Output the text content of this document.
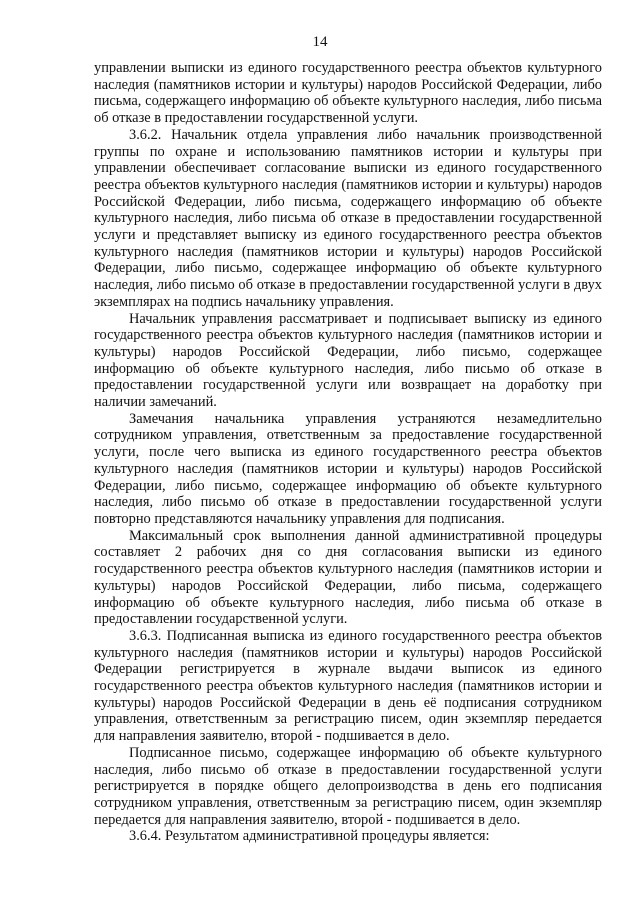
14

управлении выписки из единого государственного реестра объектов культурного наследия (памятников истории и культуры) народов Российской Федерации, либо письма, содержащего информацию об объекте культурного наследия, либо письма об отказе в предоставлении государственной услуги.

3.6.2. Начальник отдела управления либо начальник производственной группы по охране и использованию памятников истории и культуры при управлении обеспечивает согласование выписки из единого государственного реестра объектов культурного наследия (памятников истории и культуры) народов Российской Федерации, либо письма, содержащего информацию об объекте культурного наследия, либо письма об отказе в предоставлении государственной услуги и представляет выписку из единого государственного реестра объектов культурного наследия (памятников истории и культуры) народов Российской Федерации, либо письмо, содержащее информацию об объекте культурного наследия, либо письмо об отказе в предоставлении государственной услуги в двух экземплярах на подпись начальнику управления.

Начальник управления рассматривает и подписывает выписку из единого государственного реестра объектов культурного наследия (памятников истории и культуры) народов Российской Федерации, либо письмо, содержащее информацию об объекте культурного наследия, либо письмо об отказе в предоставлении государственной услуги или возвращает на доработку при наличии замечаний.

Замечания начальника управления устраняются незамедлительно сотрудником управления, ответственным за предоставление государственной услуги, после чего выписка из единого государственного реестра объектов культурного наследия (памятников истории и культуры) народов Российской Федерации, либо письмо, содержащее информацию об объекте культурного наследия, либо письмо об отказе в предоставлении государственной услуги повторно представляются начальнику управления для подписания.

Максимальный срок выполнения данной административной процедуры составляет 2 рабочих дня со дня согласования выписки из единого государственного реестра объектов культурного наследия (памятников истории и культуры) народов Российской Федерации, либо письма, содержащего информацию об объекте культурного наследия, либо письма об отказе в предоставлении государственной услуги.

3.6.3. Подписанная выписка из единого государственного реестра объектов культурного наследия (памятников истории и культуры) народов Российской Федерации регистрируется в журнале выдачи выписок из единого государственного реестра объектов культурного наследия (памятников истории и культуры) народов Российской Федерации в день её подписания сотрудником управления, ответственным за регистрацию писем, один экземпляр передается для направления заявителю, второй - подшивается в дело.

Подписанное письмо, содержащее информацию об объекте культурного наследия, либо письмо об отказе в предоставлении государственной услуги регистрируется в порядке общего делопроизводства в день его подписания сотрудником управления, ответственным за регистрацию писем, один экземпляр передается для направления заявителю, второй - подшивается в дело.

3.6.4. Результатом административной процедуры является:
